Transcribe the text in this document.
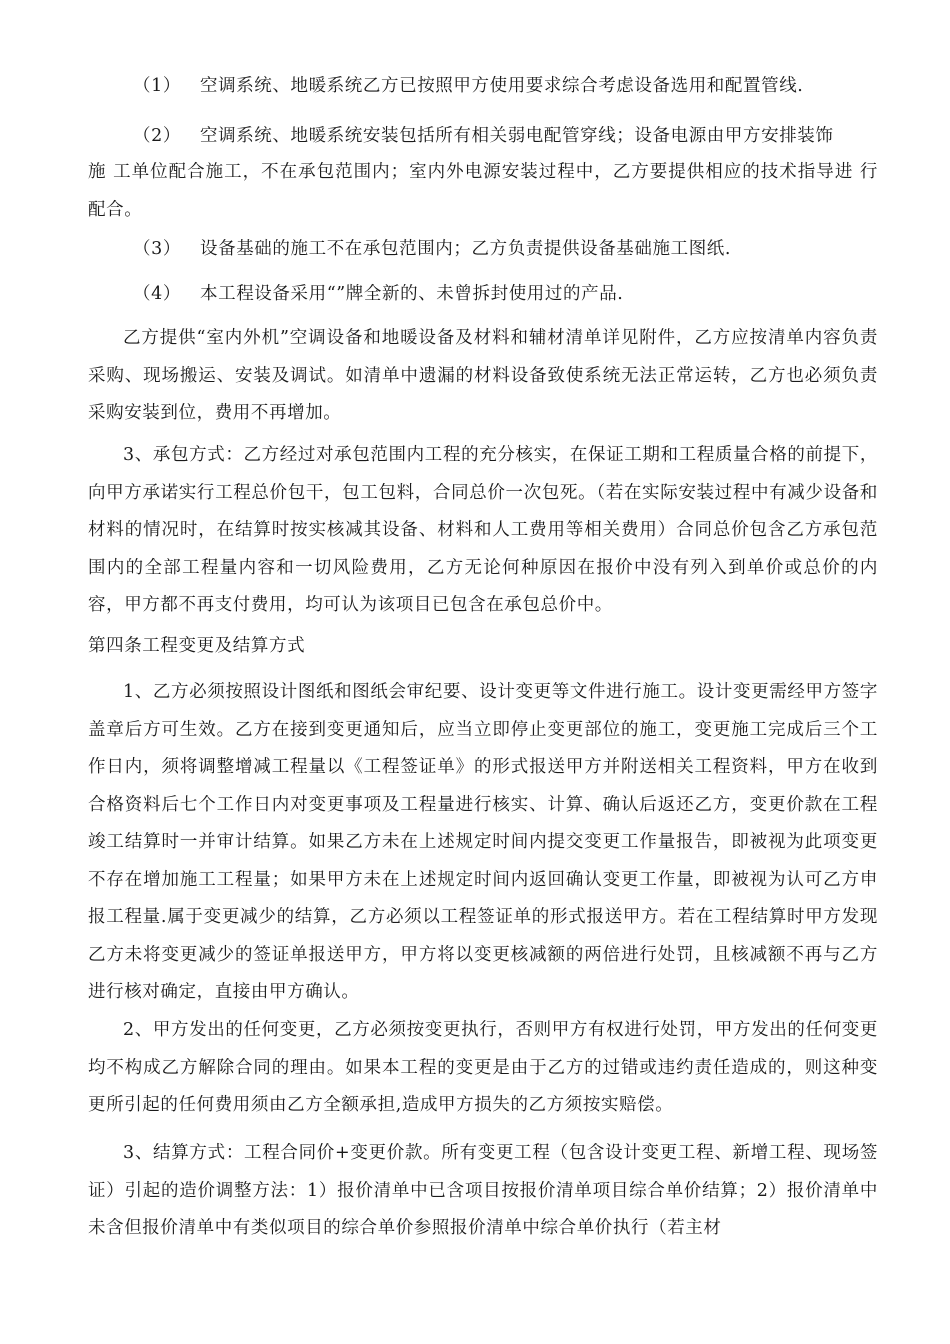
（1） 空调系统、地暖系统乙方已按照甲方使用要求综合考虑设备选用和配置管线.
（2） 空调系统、地暖系统安装包括所有相关弱电配管穿线；设备电源由甲方安排装饰

施 工单位配合施工，不在承包范围内；室内外电源安装过程中，乙方要提供相应的技术指导进 行配合。

（3） 设备基础的施工不在承包范围内；乙方负责提供设备基础施工图纸.
（4） 本工程设备采用“”牌全新的、未曾拆封使用过的产品.

乙方提供“室内外机”空调设备和地暖设备及材料和辅材清单详见附件，乙方应按清单内容负责采购、现场搬运、安装及调试。如清单中遗漏的材料设备致使系统无法正常运转，乙方也必须负责采购安装到位，费用不再增加。

3、承包方式：乙方经过对承包范围内工程的充分核实，在保证工期和工程质量合格的前提下，向甲方承诺实行工程总价包干，包工包料，合同总价一次包死。（若在实际安装过程中有减少设备和材料的情况时，在结算时按实核减其设备、材料和人工费用等相关费用）合同总价包含乙方承包范围内的全部工程量内容和一切风险费用，乙方无论何种原因在报价中没有列入到单价或总价的内容，甲方都不再支付费用，均可认为该项目已包含在承包总价中。

第四条工程变更及结算方式

1、乙方必须按照设计图纸和图纸会审纪要、设计变更等文件进行施工。设计变更需经甲方签字盖章后方可生效。乙方在接到变更通知后，应当立即停止变更部位的施工，变更施工完成后三个工作日内，须将调整增减工程量以《工程签证单》的形式报送甲方并附送相关工程资料，甲方在收到合格资料后七个工作日内对变更事项及工程量进行核实、计算、确认后返还乙方，变更价款在工程竣工结算时一并审计结算。如果乙方未在上述规定时间内提交变更工作量报告，即被视为此项变更不存在增加施工工程量；如果甲方未在上述规定时间内返回确认变更工作量，即被视为认可乙方申报工程量.属于变更减少的结算，乙方必须以工程签证单的形式报送甲方。若在工程结算时甲方发现乙方未将变更减少的签证单报送甲方，甲方将以变更核减额的两倍进行处罚，且核减额不再与乙方进行核对确定，直接由甲方确认。

2、甲方发出的任何变更，乙方必须按变更执行，否则甲方有权进行处罚，甲方发出的任何变更均不构成乙方解除合同的理由。如果本工程的变更是由于乙方的过错或违约责任造成的，则这种变更所引起的任何费用须由乙方全额承担,造成甲方损失的乙方须按实赔偿。

3、结算方式：工程合同价+变更价款。所有变更工程（包含设计变更工程、新增工程、现场签证）引起的造价调整方法：1）报价清单中已含项目按报价清单项目综合单价结算；2）报价清单中未含但报价清单中有类似项目的综合单价参照报价清单中综合单价执行（若主材
